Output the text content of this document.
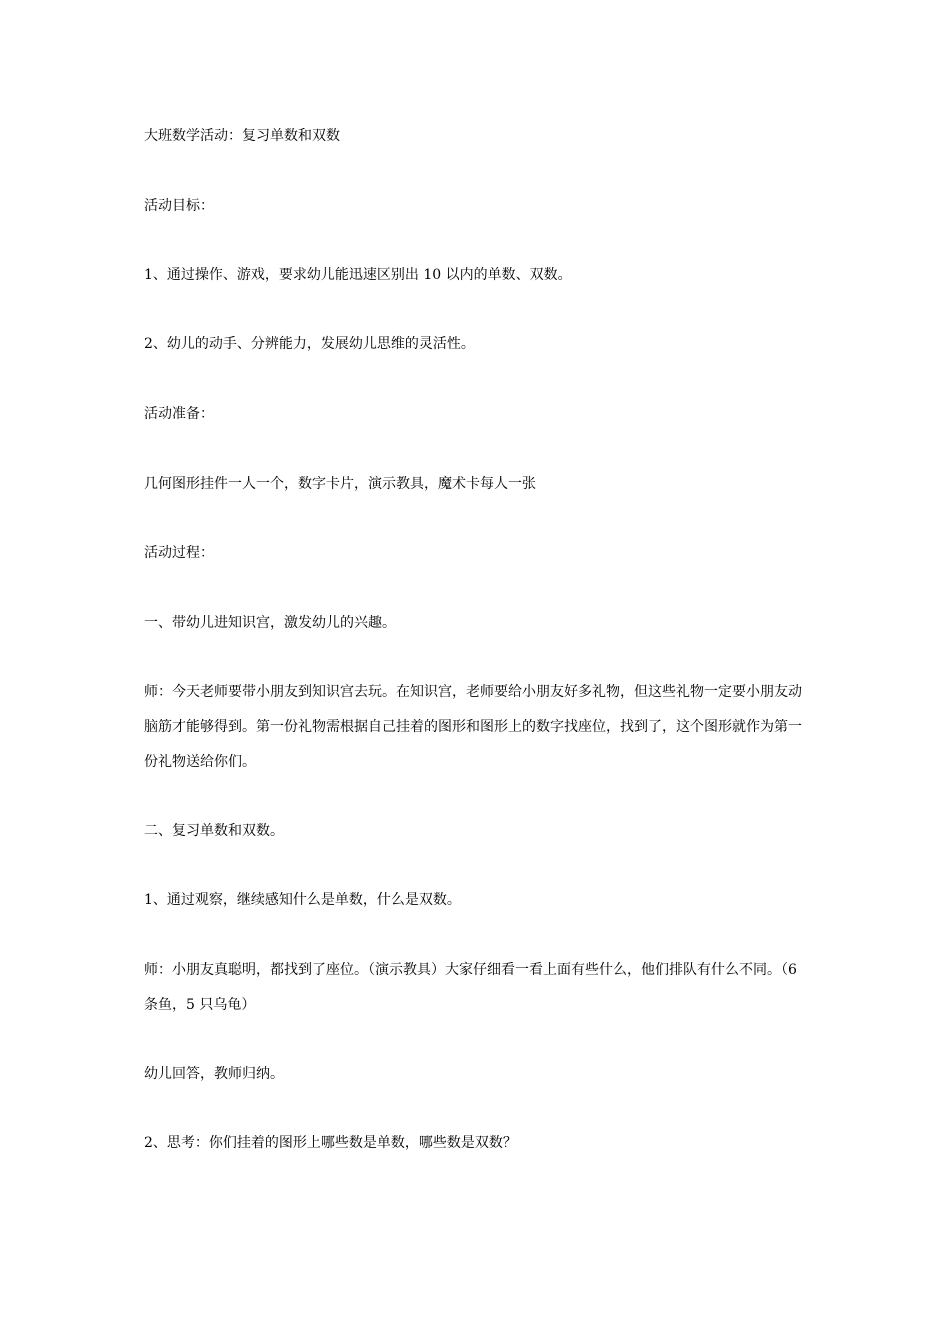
大班数学活动：复习单数和双数

活动目标：

1、通过操作、游戏，要求幼儿能迅速区别出 10 以内的单数、双数。

2、幼儿的动手、分辨能力，发展幼儿思维的灵活性。

活动准备：

几何图形挂件一人一个，数字卡片，演示教具，魔术卡每人一张

活动过程：

一、带幼儿进知识宫，激发幼儿的兴趣。

师：今天老师要带小朋友到知识宫去玩。在知识宫，老师要给小朋友好多礼物，但这些礼物一定要小朋友动脑筋才能够得到。第一份礼物需根据自己挂着的图形和图形上的数字找座位，找到了，这个图形就作为第一份礼物送给你们。

二、复习单数和双数。

1、通过观察，继续感知什么是单数，什么是双数。

师：小朋友真聪明，都找到了座位。（演示教具）大家仔细看一看上面有些什么，他们排队有什么不同。（6 条鱼，5 只乌龟）

幼儿回答，教师归纳。

2、思考：你们挂着的图形上哪些数是单数，哪些数是双数？
